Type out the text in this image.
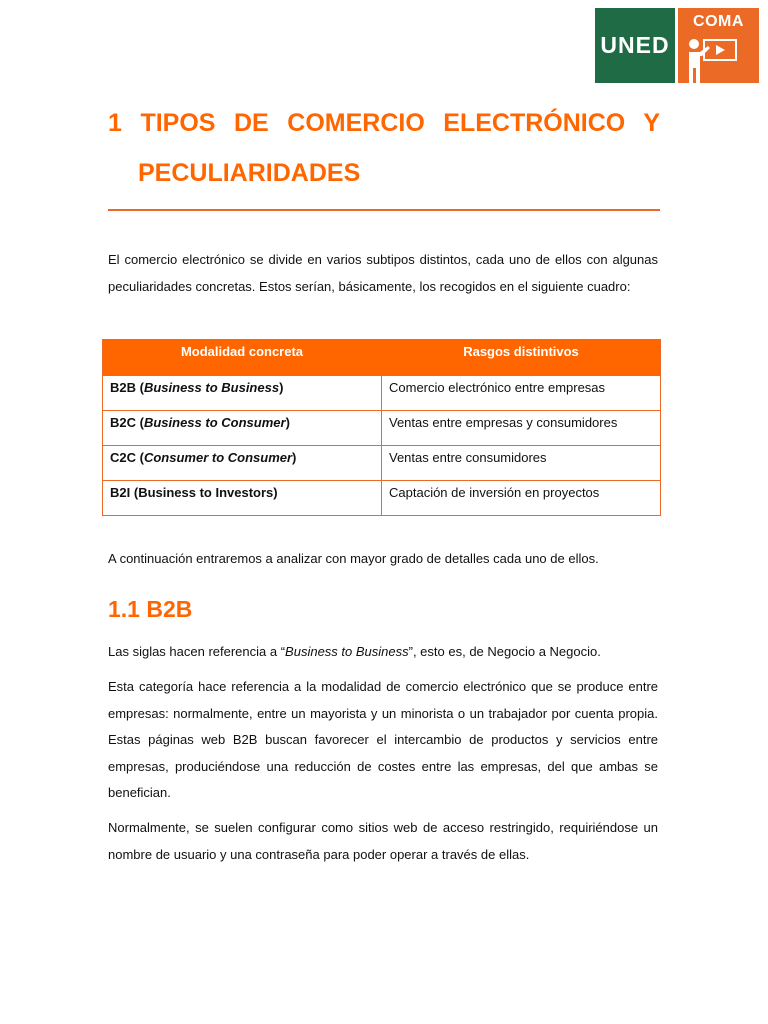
UNED
COMA
1 TIPOS DE COMERCIO ELECTRÓNICO Y
PECULIARIDADES

El comercio electrónico se divide en varios subtipos distintos, cada uno de ellos con algunas peculiaridades concretas. Estos serían, básicamente, los recogidos en el siguiente cuadro:

Modalidad concreta	Rasgos distintivos
B2B (Business to Business)	Comercio electrónico entre empresas
B2C (Business to Consumer)	Ventas entre empresas y consumidores
C2C (Consumer to Consumer)	Ventas entre consumidores
B2I (Business to Investors)	Captación de inversión en proyectos

A continuación entraremos a analizar con mayor grado de detalles cada uno de ellos.

1.1 B2B

Las siglas hacen referencia a “Business to Business”, esto es, de Negocio a Negocio.

Esta categoría hace referencia a la modalidad de comercio electrónico que se produce entre empresas: normalmente, entre un mayorista y un minorista o un trabajador por cuenta propia. Estas páginas web B2B buscan favorecer el intercambio de productos y servicios entre empresas, produciéndose una reducción de costes entre las empresas, del que ambas se benefician.

Normalmente, se suelen configurar como sitios web de acceso restringido, requiriéndose un nombre de usuario y una contraseña para poder operar a través de ellas.
